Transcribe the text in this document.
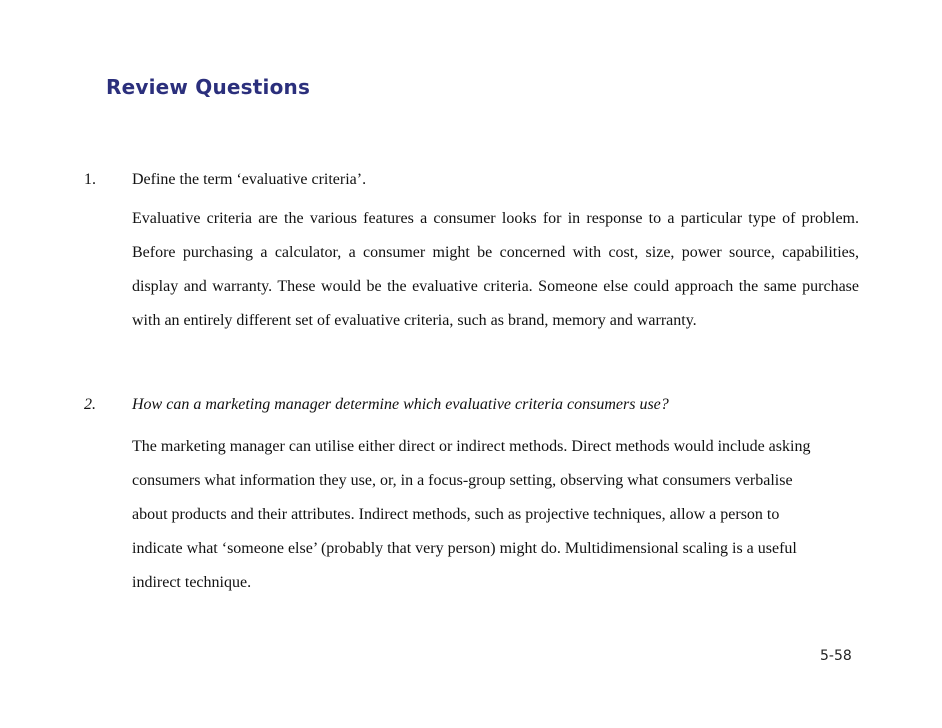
Review Questions
1. Define the term ‘evaluative criteria’.
Evaluative criteria are the various features a consumer looks for in response to a particular type of problem. Before purchasing a calculator, a consumer might be concerned with cost, size, power source, capabilities, display and warranty. These would be the evaluative criteria. Someone else could approach the same purchase with an entirely different set of evaluative criteria, such as brand, memory and warranty.
2. How can a marketing manager determine which evaluative criteria consumers use?
The marketing manager can utilise either direct or indirect methods. Direct methods would include asking consumers what information they use, or, in a focus-group setting, observing what consumers verbalise about products and their attributes. Indirect methods, such as projective techniques, allow a person to indicate what ‘someone else’ (probably that very person) might do. Multidimensional scaling is a useful indirect technique.
5-58
